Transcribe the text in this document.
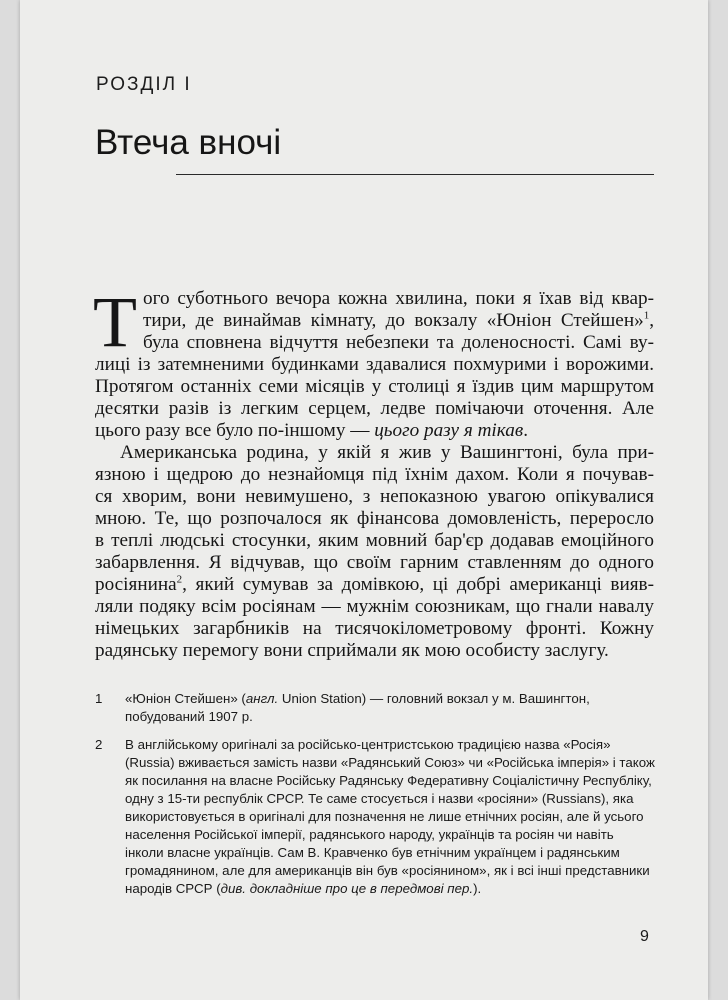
РОЗДІЛ І
Втеча вночі

Т ого суботнього вечора кожна хвилина, поки я їхав від квар-
тири, де винаймав кімнату, до вокзалу «Юніон Стейшен»$^1$,
була сповнена відчуття небезпеки та доленосності. Самі ву-
лиці із затемненими будинками здавалися похмурими і ворожими.
Протягом останніх семи місяців у столиці я їздив цим маршрутом
десятки разів із легким серцем, ледве помічаючи оточення. Але
цього разу все було по-іншому — цього разу я тікав.

Американська родина, у якій я жив у Вашингтоні, була при-
язною і щедрою до незнайомця під їхнім дахом. Коли я почував-
ся хворим, вони невимушено, з непоказною увагою опікувалися
мною. Те, що розпочалося як фінансова домовленість, переросло
в теплі людські стосунки, яким мовний бар'єр додавав емоційного
забарвлення. Я відчував, що своїм гарним ставленням до одного
росіянина$^2$, який сумував за домівкою, ці добрі американці вияв-
ляли подяку всім росіянам — мужнім союзникам, що гнали навалу
німецьких загарбників на тисячокілометровому фронті. Кожну
радянську перемогу вони сприймали як мою особисту заслугу.

1	«Юніон Стейшен» (англ. Union Station) — головний вокзал у м. Вашингтон, побудований 1907 р.
2	В англійському оригіналі за російсько-центристською традицією назва «Росія» (Russia) вживається замість назви «Радянський Союз» чи «Російська імперія» і також як посилання на власне Російську Радянську Федеративну Соціалістичну Республіку, одну з 15-ти республік СРСР. Те саме стосується і назви «росіяни» (Russians), яка використовується в оригіналі для позначення не лише етнічних росіян, але й усього населення Російської імперії, радянського народу, українців та росіян чи навіть інколи власне українців. Сам В. Кравченко був етнічним українцем і радянським громадянином, але для американців він був «росіянином», як і всі інші представники народів СРСР (див. докладніше про це в передмові пер.).
9
